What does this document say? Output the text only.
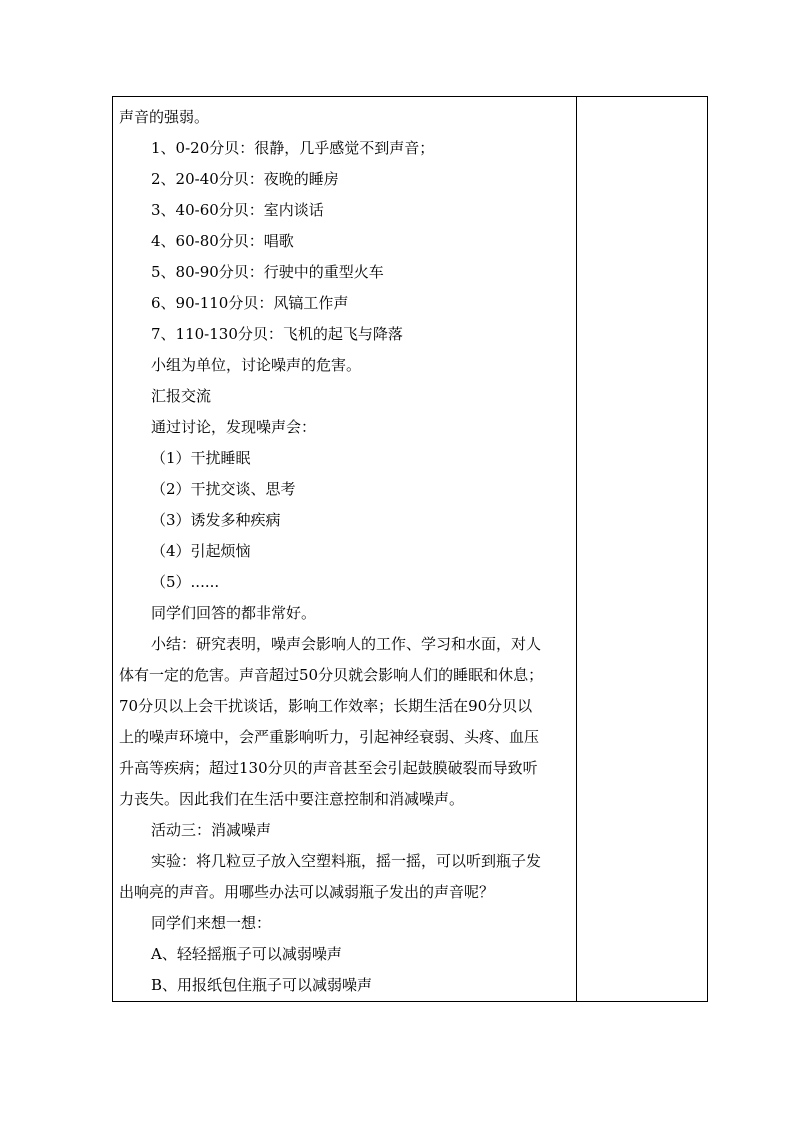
声音的强弱。
1、0-20分贝：很静，几乎感觉不到声音；
2、20-40分贝：夜晚的睡房
3、40-60分贝：室内谈话
4、60-80分贝：唱歌
5、80-90分贝：行驶中的重型火车
6、90-110分贝：风镐工作声
7、110-130分贝：飞机的起飞与降落
小组为单位，讨论噪声的危害。
汇报交流
通过讨论，发现噪声会：
（1）干扰睡眠
（2）干扰交谈、思考
（3）诱发多种疾病
（4）引起烦恼
（5）......
同学们回答的都非常好。
小结：研究表明，噪声会影响人的工作、学习和水面，对人
体有一定的危害。声音超过50分贝就会影响人们的睡眠和休息；
70分贝以上会干扰谈话，影响工作效率；长期生活在90分贝以
上的噪声环境中，会严重影响听力，引起神经衰弱、头疼、血压
升高等疾病；超过130分贝的声音甚至会引起鼓膜破裂而导致听
力丧失。因此我们在生活中要注意控制和消减噪声。
活动三：消减噪声
实验：将几粒豆子放入空塑料瓶，摇一摇，可以听到瓶子发
出响亮的声音。用哪些办法可以减弱瓶子发出的声音呢？
同学们来想一想：
A、轻轻摇瓶子可以减弱噪声
B、用报纸包住瓶子可以减弱噪声
